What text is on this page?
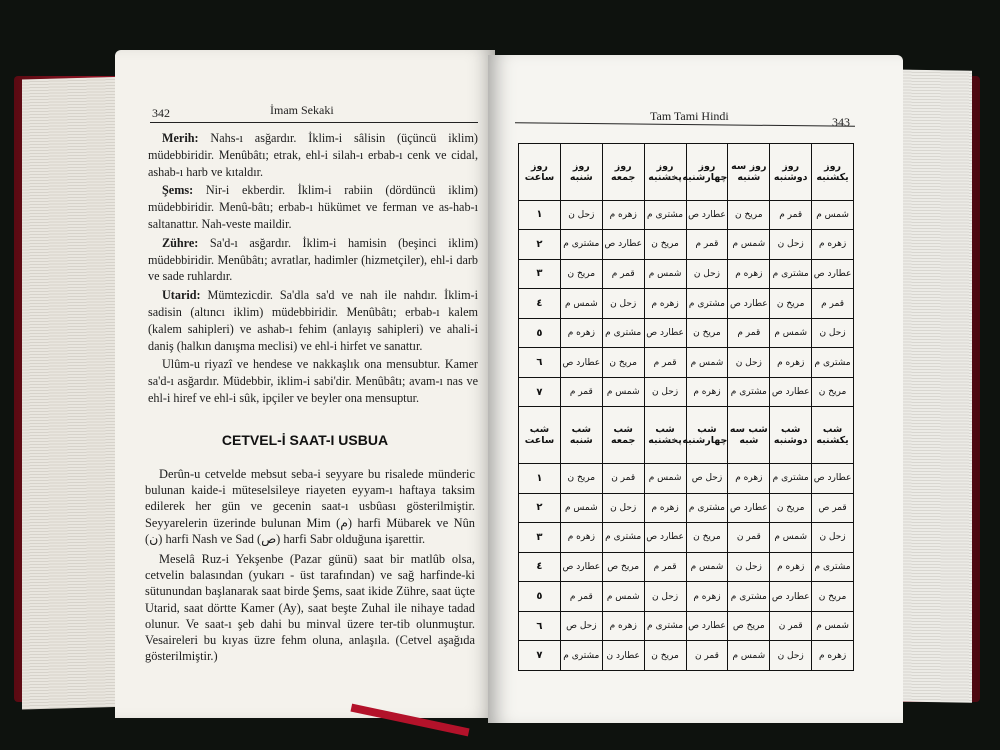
342	İmam Sekaki

Merih: Nahs-ı asğardır. İklim-i sâlisin (üçüncü iklim) müdebbiridir. Menûbâtı; etrak, ehl-i silah-ı erbab-ı cenk ve cidal, ashab-ı harb ve kıtaldır.

Şems: Nir-i ekberdir. İklim-i rabiin (dördüncü iklim) müdebbiridir. Menû-bâtı; erbab-ı hükümet ve ferman ve as-hab-ı saltanattır. Nah-veste maildir.

Zühre: Sa'd-ı asğardır. İklim-i hamisin (beşinci iklim) müdebbiridir. Menûbâtı; avratlar, hadimler (hizmetçiler), ehl-i darb ve sade ruhlardır.

Utarid: Mümtezicdir. Sa'dla sa'd ve nah ile nahdır. İklim-i sadisin (altıncı iklim) müdebbiridir. Menûbâtı; erbab-ı kalem (kalem sahipleri) ve ashab-ı fehim (anlayış sahipleri) ve ahali-i daniş (halkın danışma meclisi) ve ehl-i hirfet ve sanattır.

Ulûm-u riyazî ve hendese ve nakkaşlık ona mensubtur. Kamer sa'd-ı asğardır. Müdebbir, iklim-i sabi'dir. Menûbâtı; avam-ı nas ve ehl-i hiref ve ehl-i sûk, ipçiler ve beyler ona mensuptur.

CETVEL-İ SAAT-I USBUA

Derûn-u cetvelde mebsut seba-i seyyare bu risalede münderic bulunan kaide-i müteselsileye riayeten eyyam-ı haftaya taksim edilerek her gün ve gecenin saat-ı usbûası gösterilmiştir. Seyyarelerin üzerinde bulunan Mim (م) harfi Mübarek ve Nûn (ن) harfi Nash ve Sad (ص) harfi Sabr olduğuna işarettir.

Meselâ Ruz-i Yekşenbe (Pazar günü) saat bir matlûb olsa, cetvelin balasından (yukarı - üst tarafından) ve sağ harfinde-ki sütunundan başlanarak saat birde Şems, saat ikide Zühre, saat üçte Utarid, saat dörtte Kamer (Ay), saat beşte Zuhal ile nihaye tadad olunur. Ve saat-ı şeb dahi bu minval üzere ter-tib olunmuştur. Vesaireleri bu kıyas üzre fehm oluna, anlaşıla. (Cetvel aşağıda gösterilmiştir.)

Tam Tami Hindi	343
روز يكشنبه	روز دوشنبه	روز سه شنبه	روز چهارشنبه	روز پخشنبه	روز جمعه	روز شنبه	روز ساعت
شمس م	قمر م	مريخ ن	عطارد ص	مشترى م	زهره م	زحل ن	١
زهره م	زحل ن	شمس م	قمر م	مريخ ن	عطارد ص	مشترى م	٢
عطارد ص	مشترى م	زهره م	زحل ن	شمس م	قمر م	مريخ ن	٣
قمر م	مريخ ن	عطارد ص	مشترى م	زهره م	زحل ن	شمس م	٤
زحل ن	شمس م	قمر م	مريخ ن	عطارد ص	مشترى م	زهره م	٥
مشترى م	زهره م	زحل ن	شمس م	قمر م	مريخ ن	عطارد ص	٦
مريخ ن	عطارد ص	مشترى م	زهره م	زحل ن	شمس م	قمر م	٧
شب يكشنبه	شب دوشنبه	شب سه شبه	شب چهارشنبه	شب پخشنبه	شب جمعه	شب شنبه	شب ساعت
عطارد ص	مشترى م	زهره م	زحل ص	شمس م	قمر ن	مريخ ن	١
قمر ص	مريخ ن	عطارد ص	مشترى م	زهره م	زحل ن	شمس م	٢
زحل ن	شمس م	قمر ن	مريخ ن	عطارد ص	مشترى م	زهره م	٣
مشترى م	زهره م	زحل ن	شمس م	قمر م	مريخ ص	عطارد ص	٤
مريخ ن	عطارد ص	مشترى م	زهره م	زحل ن	شمس م	قمر م	٥
شمس م	قمر ن	مريخ ص	عطارد ص	مشترى م	زهره م	زحل ص	٦
زهره م	زحل ن	شمس م	قمر ن	مريخ ن	عطارد ن	مشترى م	٧
